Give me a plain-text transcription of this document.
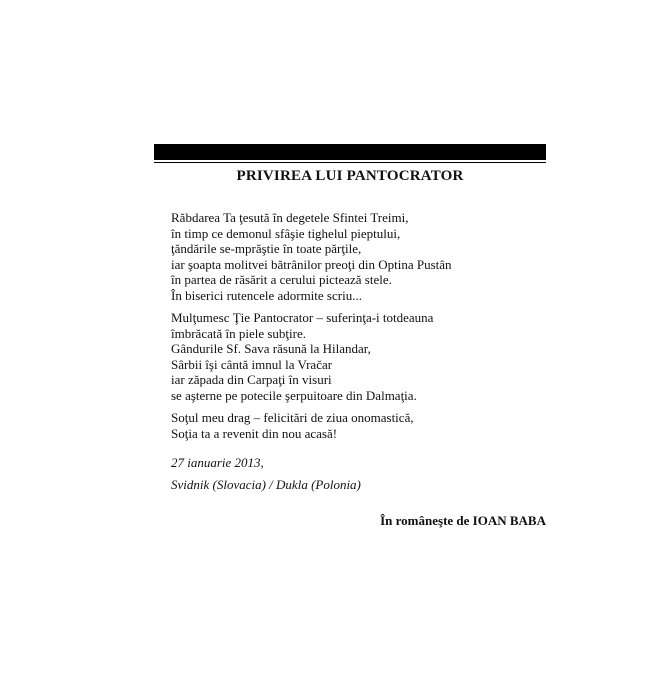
PRIVIREA LUI PANTOCRATOR
Răbdarea Ta ţesută în degetele Sfintei Treimi,
în timp ce demonul sfâşie tighelul pieptului,
ţăndările se-mprăştie în toate părţile,
iar şoapta molitvei bătrânilor preoţi din Optina Pustân
în partea de răsărit a cerului pictează stele.
În biserici rutencele adormite scriu...
Mulţumesc Ţie Pantocrator – suferinţa-i totdeauna
îmbrăcată în piele subţire.
Gândurile Sf. Sava răsună la Hilandar,
Sârbii îşi cântă imnul la Vračar
iar zăpada din Carpaţi în visuri
se aşterne pe potecile şerpuitoare din Dalmaţia.
Soţul meu drag – felicitări de ziua onomastică,
Soţia ta a revenit din nou acasă!
27 ianuarie 2013,
Svidnik (Slovacia) / Dukla (Polonia)
În româneşte de IOAN BABA
